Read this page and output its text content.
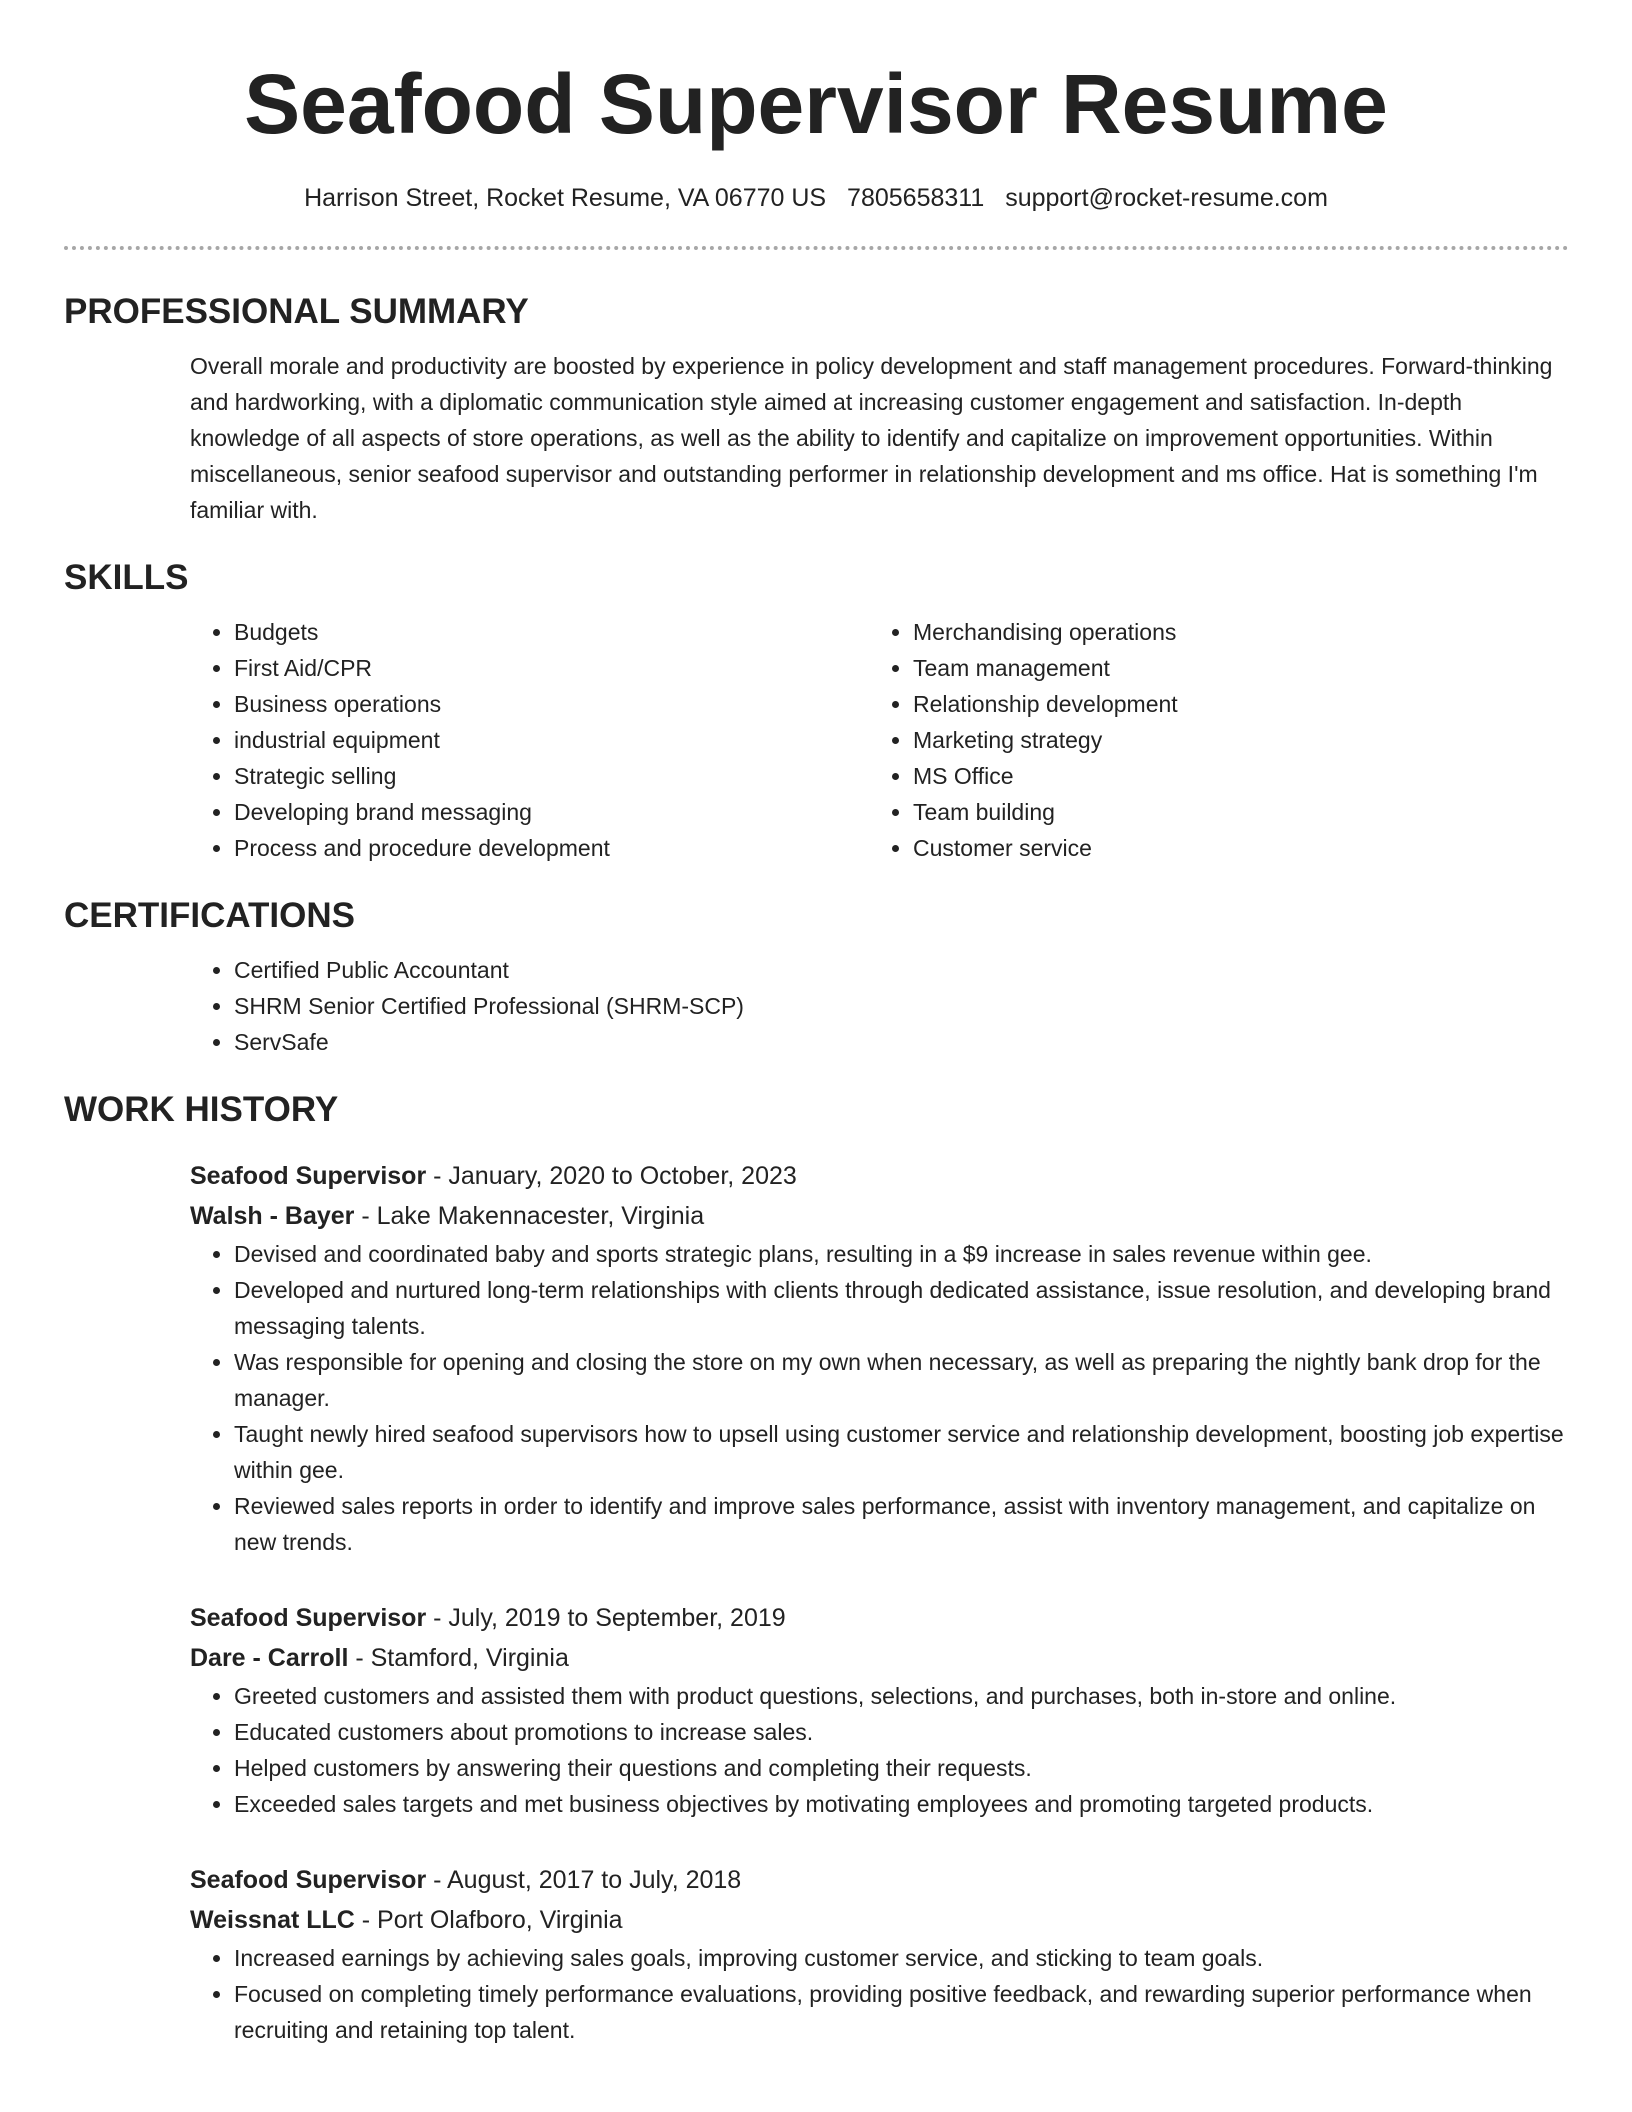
Seafood Supervisor Resume
Harrison Street, Rocket Resume, VA 06770 US 7805658311 support@rocket-resume.com
PROFESSIONAL SUMMARY

Overall morale and productivity are boosted by experience in policy development and staff management procedures. Forward-thinking and hardworking, with a diplomatic communication style aimed at increasing customer engagement and satisfaction. In-depth knowledge of all aspects of store operations, as well as the ability to identify and capitalize on improvement opportunities. Within miscellaneous, senior seafood supervisor and outstanding performer in relationship development and ms office. Hat is something I'm familiar with.

SKILLS
• Budgets
• First Aid/CPR
• Business operations
• industrial equipment
• Strategic selling
• Developing brand messaging
• Process and procedure development
• Merchandising operations
• Team management
• Relationship development
• Marketing strategy
• MS Office
• Team building
• Customer service
CERTIFICATIONS
• Certified Public Accountant
• SHRM Senior Certified Professional (SHRM-SCP)
• ServSafe
WORK HISTORY
Seafood Supervisor - January, 2020 to October, 2023
Walsh - Bayer - Lake Makennacester, Virginia
• Devised and coordinated baby and sports strategic plans, resulting in a $9 increase in sales revenue within gee.
• Developed and nurtured long-term relationships with clients through dedicated assistance, issue resolution, and developing brand messaging talents.
• Was responsible for opening and closing the store on my own when necessary, as well as preparing the nightly bank drop for the manager.
• Taught newly hired seafood supervisors how to upsell using customer service and relationship development, boosting job expertise within gee.
• Reviewed sales reports in order to identify and improve sales performance, assist with inventory management, and capitalize on new trends.
Seafood Supervisor - July, 2019 to September, 2019
Dare - Carroll - Stamford, Virginia
• Greeted customers and assisted them with product questions, selections, and purchases, both in-store and online.
• Educated customers about promotions to increase sales.
• Helped customers by answering their questions and completing their requests.
• Exceeded sales targets and met business objectives by motivating employees and promoting targeted products.
Seafood Supervisor - August, 2017 to July, 2018
Weissnat LLC - Port Olafboro, Virginia
• Increased earnings by achieving sales goals, improving customer service, and sticking to team goals.
• Focused on completing timely performance evaluations, providing positive feedback, and rewarding superior performance when recruiting and retaining top talent.
